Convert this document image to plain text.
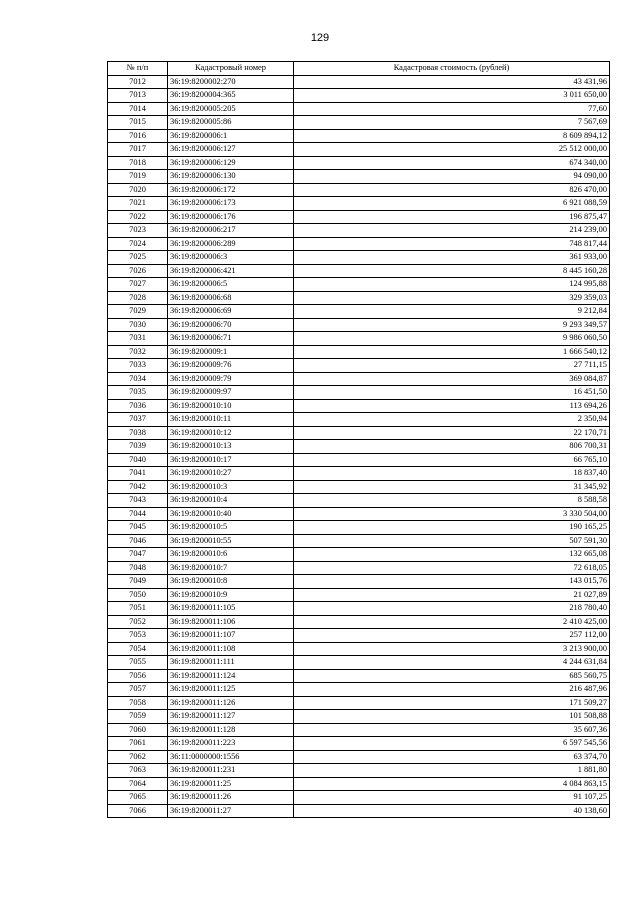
129
№ п/п	Кадастровый номер	Кадастровая стоимость (рублей)
7012	36:19:8200002:270	43 431,96
7013	36:19:8200004:365	3 011 650,00
7014	36:19:8200005:205	77,60
7015	36:19:8200005:86	7 567,69
7016	36:19:8200006:1	8 609 894,12
7017	36:19:8200006:127	25 512 000,00
7018	36:19:8200006:129	674 340,00
7019	36:19:8200006:130	94 090,00
7020	36:19:8200006:172	826 470,00
7021	36:19:8200006:173	6 921 088,59
7022	36:19:8200006:176	196 875,47
7023	36:19:8200006:217	214 239,00
7024	36:19:8200006:289	748 817,44
7025	36:19:8200006:3	361 933,00
7026	36:19:8200006:421	8 445 160,28
7027	36:19:8200006:5	124 995,88
7028	36:19:8200006:68	329 359,03
7029	36:19:8200006:69	9 212,84
7030	36:19:8200006:70	9 293 349,57
7031	36:19:8200006:71	9 986 060,50
7032	36:19:8200009:1	1 666 540,12
7033	36:19:8200009:76	27 711,15
7034	36:19:8200009:79	369 084,87
7035	36:19:8200009:97	16 451,50
7036	36:19:8200010:10	113 694,26
7037	36:19:8200010:11	2 350,94
7038	36:19:8200010:12	22 170,71
7039	36:19:8200010:13	806 700,31
7040	36:19:8200010:17	66 765,10
7041	36:19:8200010:27	18 837,40
7042	36:19:8200010:3	31 345,92
7043	36:19:8200010:4	8 588,58
7044	36:19:8200010:40	3 330 504,00
7045	36:19:8200010:5	190 165,25
7046	36:19:8200010:55	507 591,30
7047	36:19:8200010:6	132 665,08
7048	36:19:8200010:7	72 618,05
7049	36:19:8200010:8	143 015,76
7050	36:19:8200010:9	21 027,89
7051	36:19:8200011:105	218 780,40
7052	36:19:8200011:106	2 410 425,00
7053	36:19:8200011:107	257 112,00
7054	36:19:8200011:108	3 213 900,00
7055	36:19:8200011:111	4 244 631,84
7056	36:19:8200011:124	685 560,75
7057	36:19:8200011:125	216 487,96
7058	36:19:8200011:126	171 509,27
7059	36:19:8200011:127	101 508,88
7060	36:19:8200011:128	35 607,36
7061	36:19:8200011:223	6 597 545,56
7062	36:11:0000000:1556	63 374,70
7063	36:19:8200011:231	1 881,80
7064	36:19:8200011:25	4 084 863,15
7065	36:19:8200011:26	91 107,25
7066	36:19:8200011:27	40 138,60
